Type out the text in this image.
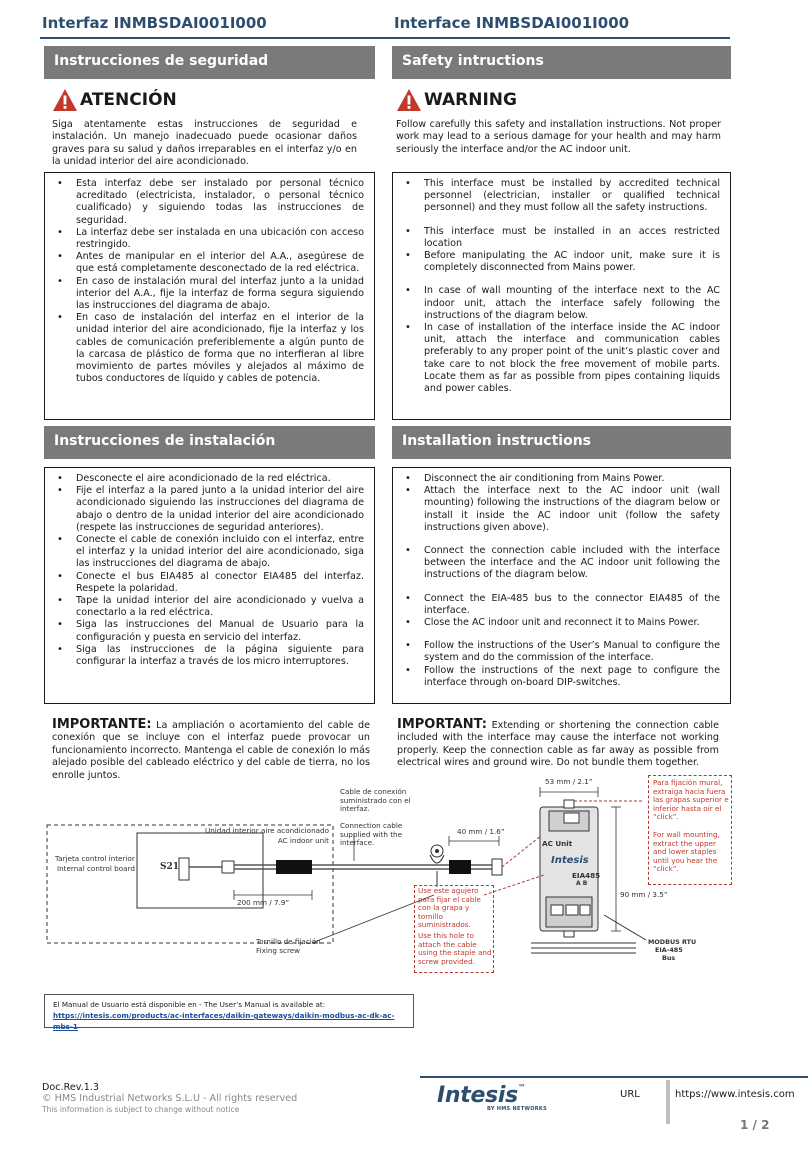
Interfaz INMBSDAI001I000	Interface INMBSDAI001I000
Instrucciones de seguridad	Safety intructions
ATENCIÓN	WARNING
Siga atentamente estas instrucciones de seguridad e instalación. Un manejo inadecuado puede ocasionar daños graves para su salud y daños irreparables en el interfaz y/o en la unidad interior del aire acondicionado.
Follow carefully this safety and installation instructions. Not proper work may lead to a serious damage for your health and may harm seriously the interface and/or the AC indoor unit.
• Esta interfaz debe ser instalado por personal técnico acreditado (electricista, instalador, o personal técnico cualificado) y siguiendo todas las instrucciones de seguridad.
• La interfaz debe ser instalada en una ubicación con acceso restringido.
• Antes de manipular en el interior del A.A., asegúrese de que está completamente desconectado de la red eléctrica.
• En caso de instalación mural del interfaz junto a la unidad interior del A.A., fije la interfaz de forma segura siguiendo las instrucciones del diagrama de abajo.
• En caso de instalación del interfaz en el interior de la unidad interior del aire acondicionado, fije la interfaz y los cables de comunicación preferiblemente a algún punto de la carcasa de plástico de forma que no interfieran al libre movimiento de partes móviles y alejados al máximo de tubos conductores de líquido y cables de potencia.
• This interface must be installed by accredited technical personnel (electrician, installer or qualified technical personnel) and they must follow all the safety instructions.
• This interface must be installed in an acces restricted location
• Before manipulating the AC indoor unit, make sure it is completely disconnected from Mains power.
• In case of wall mounting of the interface next to the AC indoor unit, attach the interface safely following the instructions of the diagram below.
• In case of installation of the interface inside the AC indoor unit, attach the interface and communication cables preferably to any proper point of the unit’s plastic cover and take care to not block the free movement of mobile parts. Locate them as far as possible from pipes containing liquids and power cables.
Instrucciones de instalación	Installation instructions
• Desconecte el aire acondicionado de la red eléctrica.
• Fije el interfaz a la pared junto a la unidad interior del aire acondicionado siguiendo las instrucciones del diagrama de abajo o dentro de la unidad interior del aire acondicionado (respete las instrucciones de seguridad anteriores).
• Conecte el cable de conexión incluido con el interfaz, entre el interfaz y la unidad interior del aire acondicionado, siga las instrucciones del diagrama de abajo.
• Conecte el bus EIA485 al conector EIA485 del interfaz. Respete la polaridad.
• Tape la unidad interior del aire acondicionado y vuelva a conectarlo a la red eléctrica.
• Siga las instrucciones del Manual de Usuario para la configuración y puesta en servicio del interfaz.
• Siga las instrucciones de la página siguiente para configurar la interfaz a través de los micro interruptores.
• Disconnect the air conditioning from Mains Power.
• Attach the interface next to the AC indoor unit (wall mounting) following the instructions of the diagram below or install it inside the AC indoor unit (follow the safety instructions given above).
• Connect the connection cable included with the interface between the interface and the AC indoor unit following the instructions of the diagram below.
• Connect the EIA-485 bus to the connector EIA485 of the interface.
• Close the AC indoor unit and reconnect it to Mains Power.
• Follow the instructions of the User’s Manual to configure the system and do the commission of the interface.
• Follow the instructions of the next page to configure the interface through on-board DIP-switches.
IMPORTANTE: La ampliación o acortamiento del cable de conexión que se incluye con el interfaz puede provocar un funcionamiento incorrecto. Mantenga el cable de conexión lo más alejado posible del cableado eléctrico y del cable de tierra, no los enrolle juntos.
IMPORTANT: Extending or shortening the connection cable included with the interface may cause the interface not working properly. Keep the connection cable as far away as possible from electrical wires and ground wire. Do not bundle them together.
Cable de conexión suministrado con el interfaz.
Connection cable supplied with the interface.
Unidad interior aire acondicionado
AC indoor unit
Tarjeta control interior
Internal control board	S21
200 mm / 7.9”
40 mm / 1.6”
Tornillo de fijación
Fixing screw
Use este agujero para fijar el cable con la grapa y tornillo suministrados.
Use this hole to attach the cable using the staple and screw provided.
Para fijación mural, extraiga hacia fuera las grapas superior e inferior hasta oír el “click”.
For wall mounting, extract the upper and lower staples until you hear the “click”.
53 mm / 2.1”
90 mm / 3.5”
AC Unit
Intesis
EIA485
A B
MODBUS RTU
EIA-485
Bus
El Manual de Usuario está disponible en - The User’s Manual is available at:
https://intesis.com/products/ac-interfaces/daikin-gateways/daikin-modbus-ac-dk-ac-mbs-1
Doc.Rev.1.3
© HMS Industrial Networks S.L.U - All rights reserved
This information is subject to change without notice
Intesis™
BY HMS NETWORKS
URL	https://www.intesis.com
1 / 2
